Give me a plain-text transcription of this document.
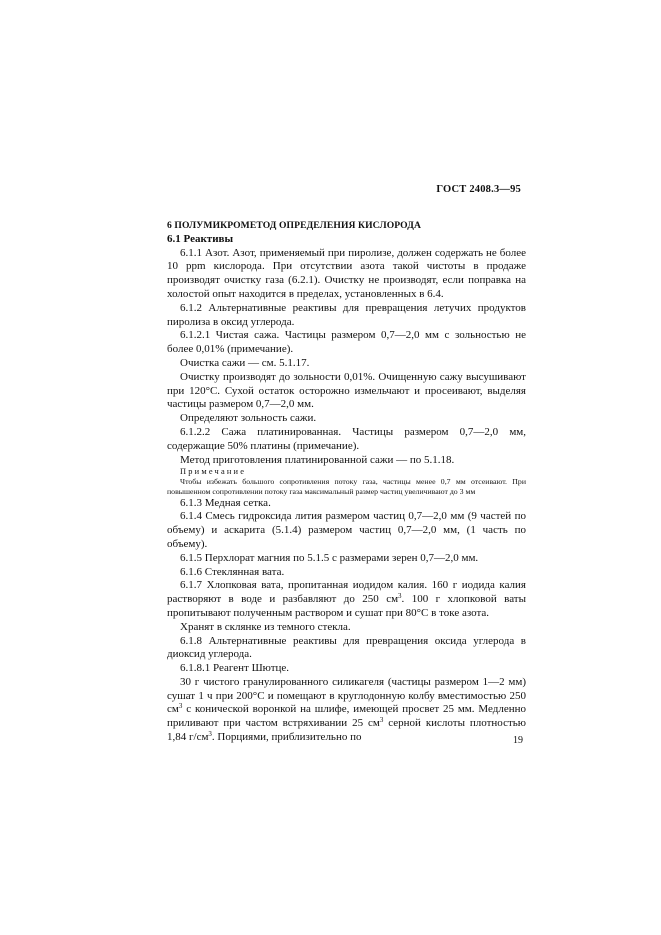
ГОСТ 2408.3—95

6 ПОЛУМИКРОМЕТОД ОПРЕДЕЛЕНИЯ КИСЛОРОДА

6.1 Реактивы

6.1.1 Азот. Азот, применяемый при пиролизе, должен содержать не более 10 ppm кислорода. При отсутствии азота такой чистоты в продаже производят очистку газа (6.2.1). Очистку не производят, если поправка на холостой опыт находится в пределах, установленных в 6.4.

6.1.2 Альтернативные реактивы для превращения летучих продуктов пиролиза в оксид углерода.

6.1.2.1 Чистая сажа. Частицы размером 0,7—2,0 мм с зольностью не более 0,01% (примечание).

Очистка сажи — см. 5.1.17.

Очистку производят до зольности 0,01%. Очищенную сажу высушивают при 120°С. Сухой остаток осторожно измельчают и просеивают, выделяя частицы размером 0,7—2,0 мм.

Определяют зольность сажи.

6.1.2.2 Сажа платинированная. Частицы размером 0,7—2,0 мм, содержащие 50% платины (примечание).

Метод приготовления платинированной сажи — по 5.1.18.

Примечание

Чтобы избежать большого сопротивления потоку газа, частицы менее 0,7 мм отсеивают. При повышенном сопротивлении потоку газа максимальный размер частиц увеличивают до 3 мм

6.1.3 Медная сетка.

6.1.4 Смесь гидроксида лития размером частиц 0,7—2,0 мм (9 частей по объему) и аскарита (5.1.4) размером частиц 0,7—2,0 мм, (1 часть по объему).

6.1.5 Перхлорат магния по 5.1.5 с размерами зерен 0,7—2,0 мм.

6.1.6 Стеклянная вата.

6.1.7 Хлопковая вата, пропитанная иодидом калия. 160 г иодида калия растворяют в воде и разбавляют до 250 $см^3$. 100 г хлопковой ваты пропитывают полученным раствором и сушат при 80°С в токе азота.

Хранят в склянке из темного стекла.

6.1.8 Альтернативные реактивы для превращения оксида углерода в диоксид углерода.

6.1.8.1 Реагент Шютце.

30 г чистого гранулированного силикагеля (частицы размером 1—2 мм) сушат 1 ч при 200°С и помещают в круглодонную колбу вместимостью 250 $см^3$ с конической воронкой на шлифе, имеющей просвет 25 мм. Медленно приливают при частом встряхивании 25 $см^3$ серной кислоты плотностью 1,84 $г/см^3$. Порциями, приблизительно по	19
